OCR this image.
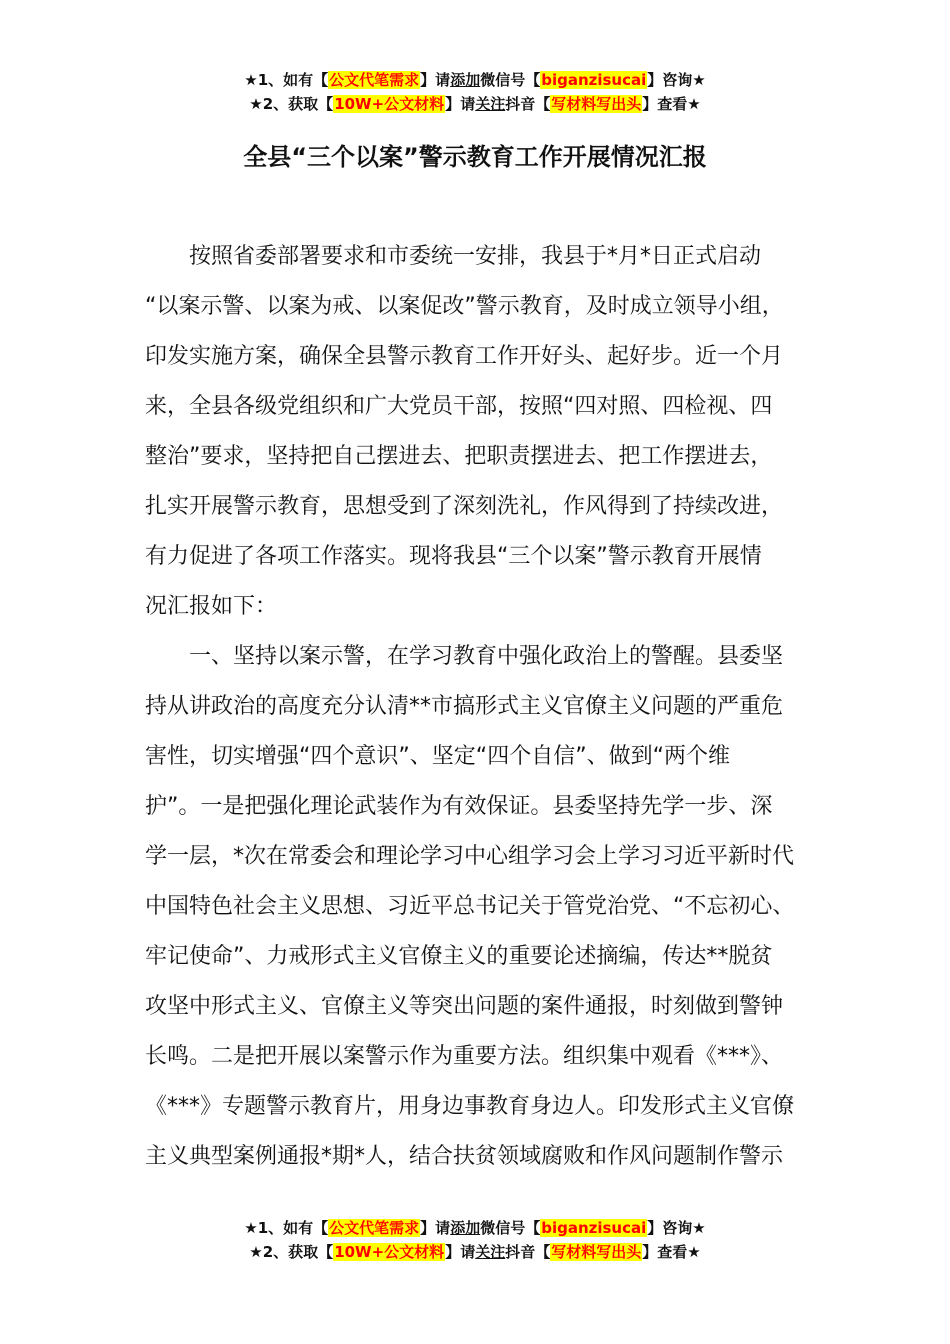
★1、如有【公文代笔需求】请添加微信号【biganzisucai】咨询★
★2、获取【10W+公文材料】请关注抖音【写材料写出头】查看★
全县“三个以案”警示教育工作开展情况汇报
按照省委部署要求和市委统一安排，我县于*月*日正式启动
“以案示警、以案为戒、以案促改”警示教育，及时成立领导小组，
印发实施方案，确保全县警示教育工作开好头、起好步。近一个月
来，全县各级党组织和广大党员干部，按照“四对照、四检视、四
整治”要求，坚持把自己摆进去、把职责摆进去、把工作摆进去，
扎实开展警示教育，思想受到了深刻洗礼，作风得到了持续改进，
有力促进了各项工作落实。现将我县“三个以案”警示教育开展情
况汇报如下：
一、坚持以案示警，在学习教育中强化政治上的警醒。县委坚
持从讲政治的高度充分认清**市搞形式主义官僚主义问题的严重危
害性，切实增强“四个意识”、坚定“四个自信”、做到“两个维
护”。一是把强化理论武装作为有效保证。县委坚持先学一步、深
学一层，*次在常委会和理论学习中心组学习会上学习习近平新时代
中国特色社会主义思想、习近平总书记关于管党治党、“不忘初心、
牢记使命”、力戒形式主义官僚主义的重要论述摘编，传达**脱贫
攻坚中形式主义、官僚主义等突出问题的案件通报，时刻做到警钟
长鸣。二是把开展以案警示作为重要方法。组织集中观看《***》、
《***》专题警示教育片，用身边事教育身边人。印发形式主义官僚
主义典型案例通报*期*人，结合扶贫领域腐败和作风问题制作警示
★1、如有【公文代笔需求】请添加微信号【biganzisucai】咨询★
★2、获取【10W+公文材料】请关注抖音【写材料写出头】查看★
